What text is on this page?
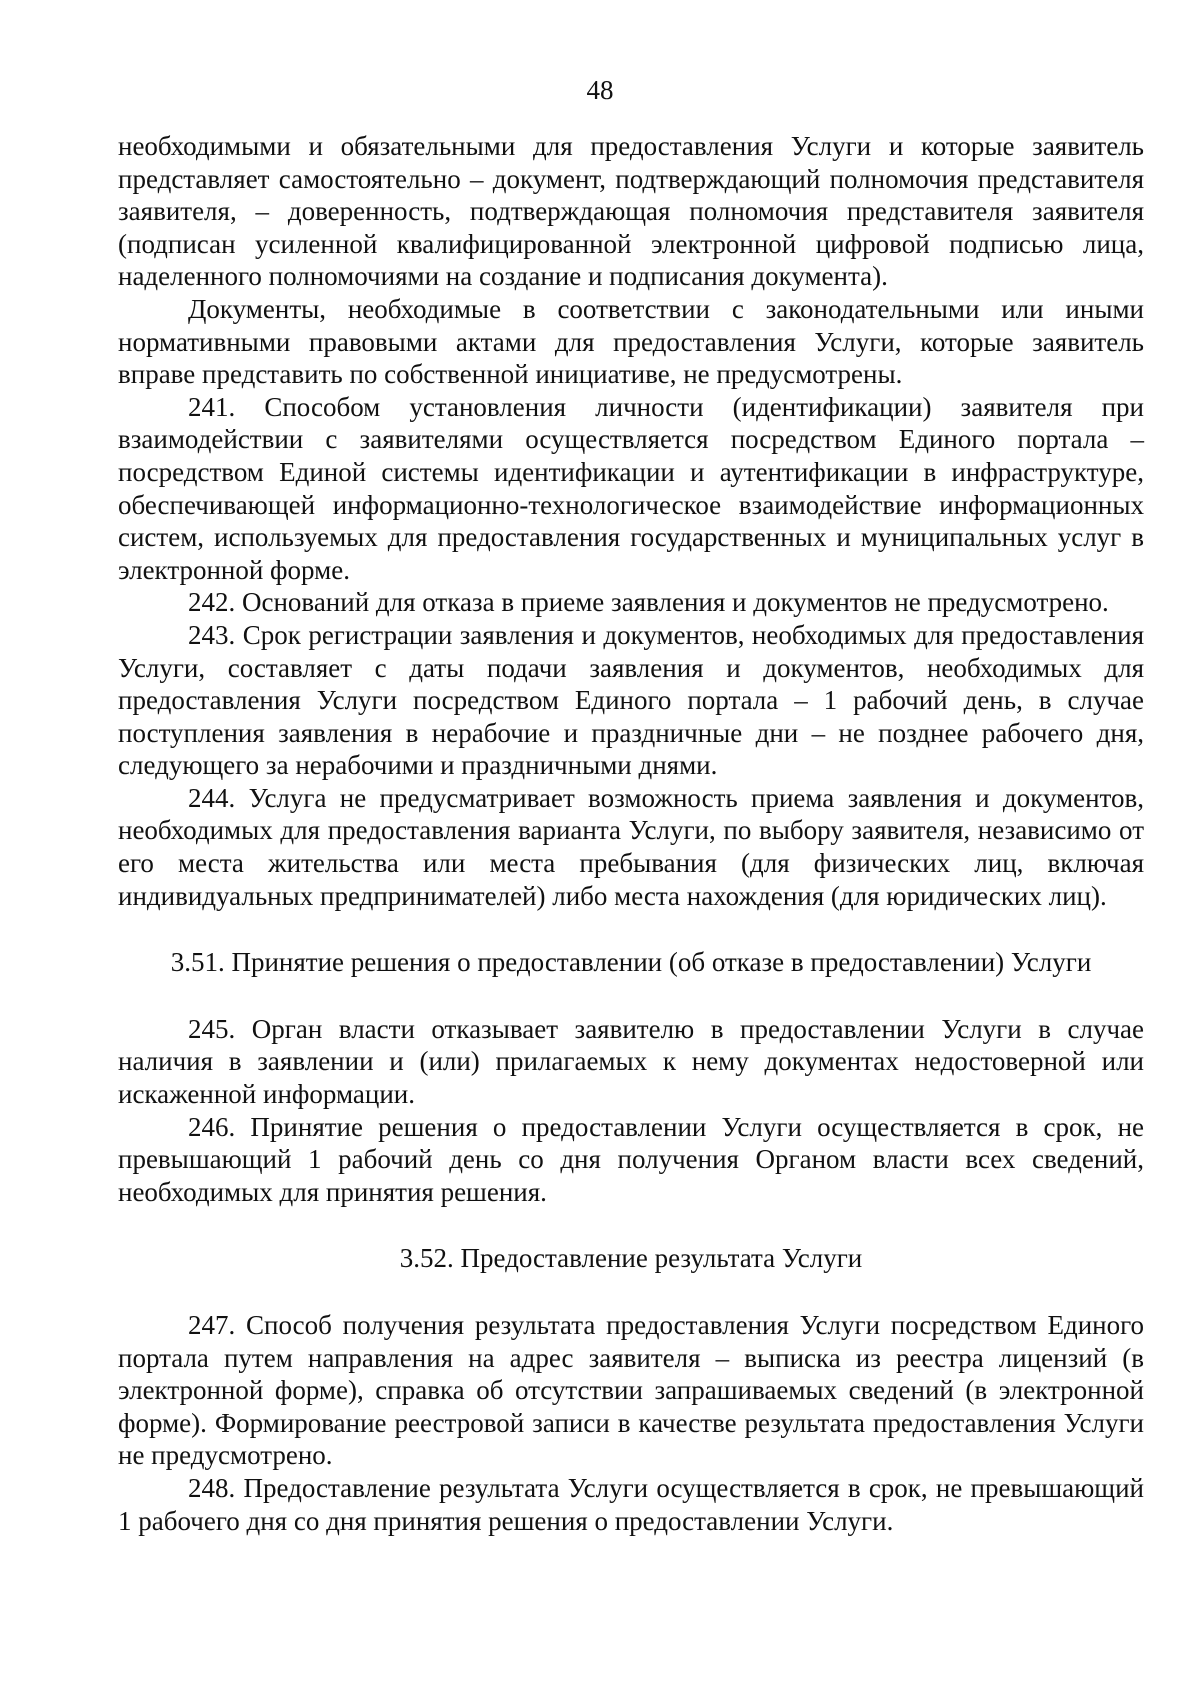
48

необходимыми и обязательными для предоставления Услуги и которые заявитель представляет самостоятельно – документ, подтверждающий полномочия представителя заявителя, – доверенность, подтверждающая полномочия представителя заявителя (подписан усиленной квалифицированной электронной цифровой подписью лица, наделенного полномочиями на создание и подписания документа).

Документы, необходимые в соответствии с законодательными или иными нормативными правовыми актами для предоставления Услуги, которые заявитель вправе представить по собственной инициативе, не предусмотрены.

241. Способом установления личности (идентификации) заявителя при взаимодействии с заявителями осуществляется посредством Единого портала – посредством Единой системы идентификации и аутентификации в инфраструктуре, обеспечивающей информационно-технологическое взаимодействие информационных систем, используемых для предоставления государственных и муниципальных услуг в электронной форме.

242. Оснований для отказа в приеме заявления и документов не предусмотрено.

243. Срок регистрации заявления и документов, необходимых для предоставления Услуги, составляет с даты подачи заявления и документов, необходимых для предоставления Услуги посредством Единого портала – 1 рабочий день, в случае поступления заявления в нерабочие и праздничные дни – не позднее рабочего дня, следующего за нерабочими и праздничными днями.

244. Услуга не предусматривает возможность приема заявления и документов, необходимых для предоставления варианта Услуги, по выбору заявителя, независимо от его места жительства или места пребывания (для физических лиц, включая индивидуальных предпринимателей) либо места нахождения (для юридических лиц).

3.51. Принятие решения о предоставлении (об отказе в предоставлении) Услуги

245. Орган власти отказывает заявителю в предоставлении Услуги в случае наличия в заявлении и (или) прилагаемых к нему документах недостоверной или искаженной информации.

246. Принятие решения о предоставлении Услуги осуществляется в срок, не превышающий 1 рабочий день со дня получения Органом власти всех сведений, необходимых для принятия решения.

3.52. Предоставление результата Услуги

247. Способ получения результата предоставления Услуги посредством Единого портала путем направления на адрес заявителя – выписка из реестра лицензий (в электронной форме), справка об отсутствии запрашиваемых сведений (в электронной форме). Формирование реестровой записи в качестве результата предоставления Услуги не предусмотрено.

248. Предоставление результата Услуги осуществляется в срок, не превышающий 1 рабочего дня со дня принятия решения о предоставлении Услуги.
